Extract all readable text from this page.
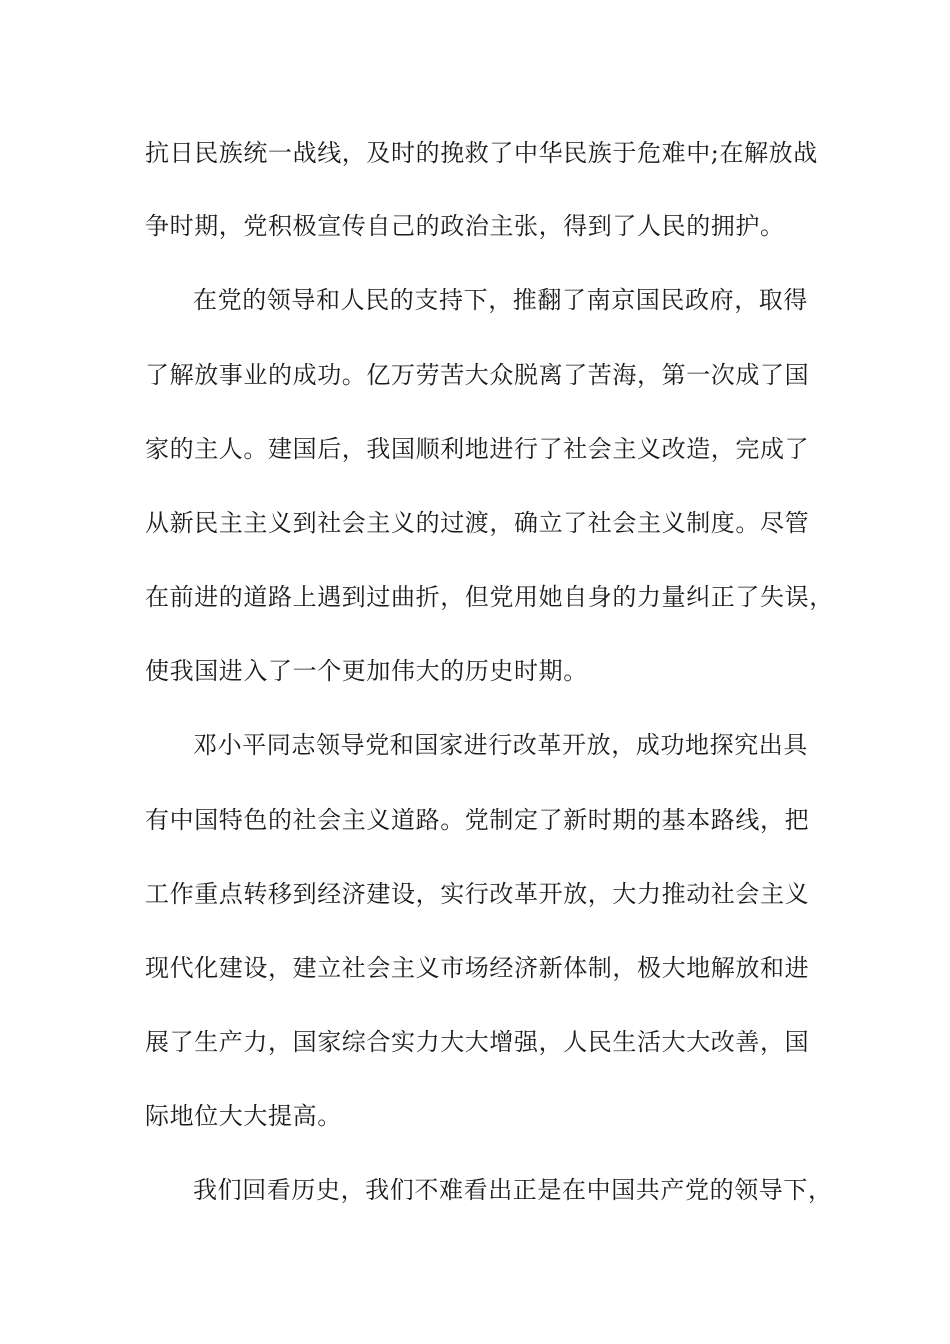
抗日民族统一战线，及时的挽救了中华民族于危难中;在解放战
争时期，党积极宣传自己的政治主张，得到了人民的拥护。
在党的领导和人民的支持下，推翻了南京国民政府，取得
了解放事业的成功。亿万劳苦大众脱离了苦海，第一次成了国
家的主人。建国后，我国顺利地进行了社会主义改造，完成了
从新民主主义到社会主义的过渡，确立了社会主义制度。尽管
在前进的道路上遇到过曲折，但党用她自身的力量纠正了失误，
使我国进入了一个更加伟大的历史时期。
邓小平同志领导党和国家进行改革开放，成功地探究出具
有中国特色的社会主义道路。党制定了新时期的基本路线，把
工作重点转移到经济建设，实行改革开放，大力推动社会主义
现代化建设，建立社会主义市场经济新体制，极大地解放和进
展了生产力，国家综合实力大大增强，人民生活大大改善，国
际地位大大提高。
我们回看历史，我们不难看出正是在中国共产党的领导下，
